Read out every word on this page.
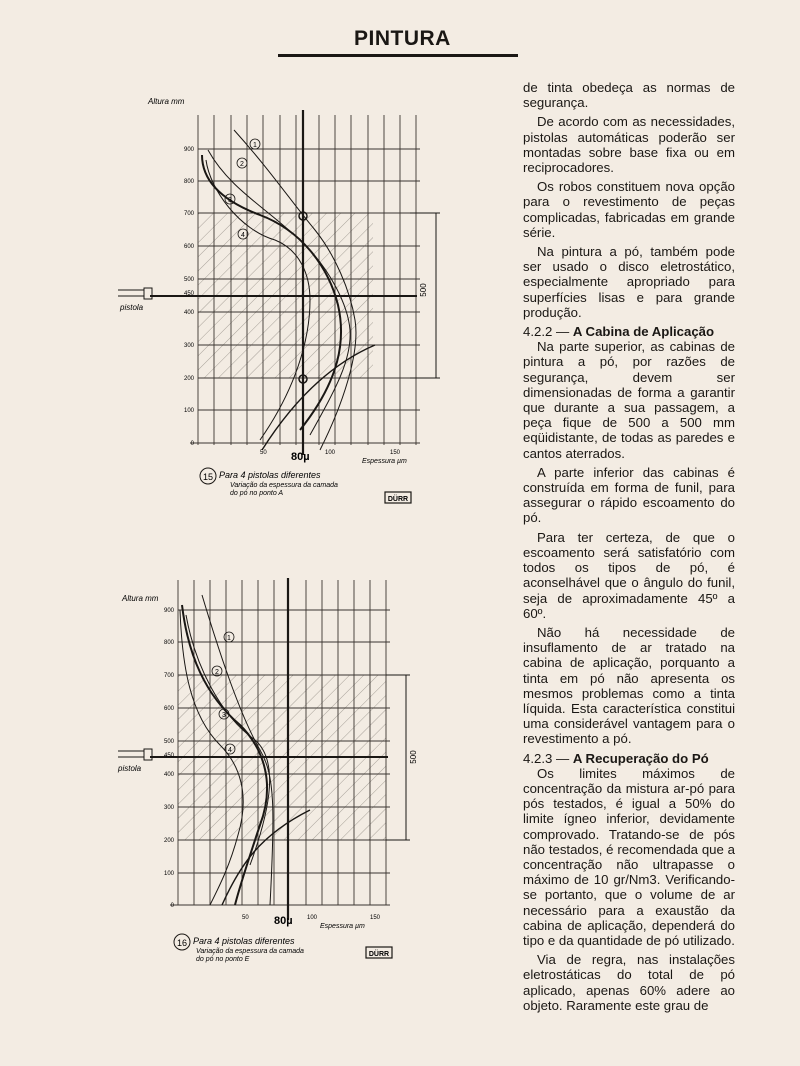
PINTURA
pistola
500
1
2
3
4
Altura mm
900
800
700
600
500
450
400
300
200
100
0
50 80µ	100	150
Espessura µm
15 Para 4 pistolas diferentes
Variação da espessura da camada
do pó no ponto A
DÜRR
pistola
500
1
2
3
4
Altura mm
900
800
700
600
500
450
400
300
200
100
0
50 80µ 100	150
Espessura µm
16 Para 4 pistolas diferentes
Variação da espessura da camada
do pó no ponto E
DÜRR

de tinta obedeça as normas de segurança.

De acordo com as necessidades, pistolas automáticas poderão ser montadas sobre base fixa ou em reciprocadores.

Os robos constituem nova opção para o revestimento de peças complicadas, fabricadas em grande série.

Na pintura a pó, também pode ser usado o disco eletrostático, especialmente apropriado para superfícies lisas e para grande produção.

4.2.2 — A Cabina de Aplicação

Na parte superior, as cabinas de pintura a pó, por razões de segurança, devem ser dimensionadas de forma a garantir que durante a sua passagem, a peça fique de 500 a 500 mm eqüidistante, de todas as paredes e cantos aterrados.

A parte inferior das cabinas é construída em forma de funil, para assegurar o rápido escoamento do pó.

Para ter certeza, de que o escoamento será satisfatório com todos os tipos de pó, é aconselhável que o ângulo do funil, seja de aproximadamente 45º a 60º.

Não há necessidade de insuflamento de ar tratado na cabina de aplicação, porquanto a tinta em pó não apresenta os mesmos problemas como a tinta líquida. Esta característica constitui uma considerável vantagem para o revestimento a pó.

4.2.3 — A Recuperação do Pó

Os limites máximos de concentração da mistura ar-pó para pós testados, é igual a 50% do limite ígneo inferior, devidamente comprovado. Tratando-se de pós não testados, é recomendada que a concentração não ultrapasse o máximo de 10 gr/Nm3. Verificando-se portanto, que o volume de ar necessário para a exaustão da cabina de aplicação, dependerá do tipo e da quantidade de pó utilizado.

Via de regra, nas instalações eletrostáticas do total de pó aplicado, apenas 60% adere ao objeto. Raramente este grau de
